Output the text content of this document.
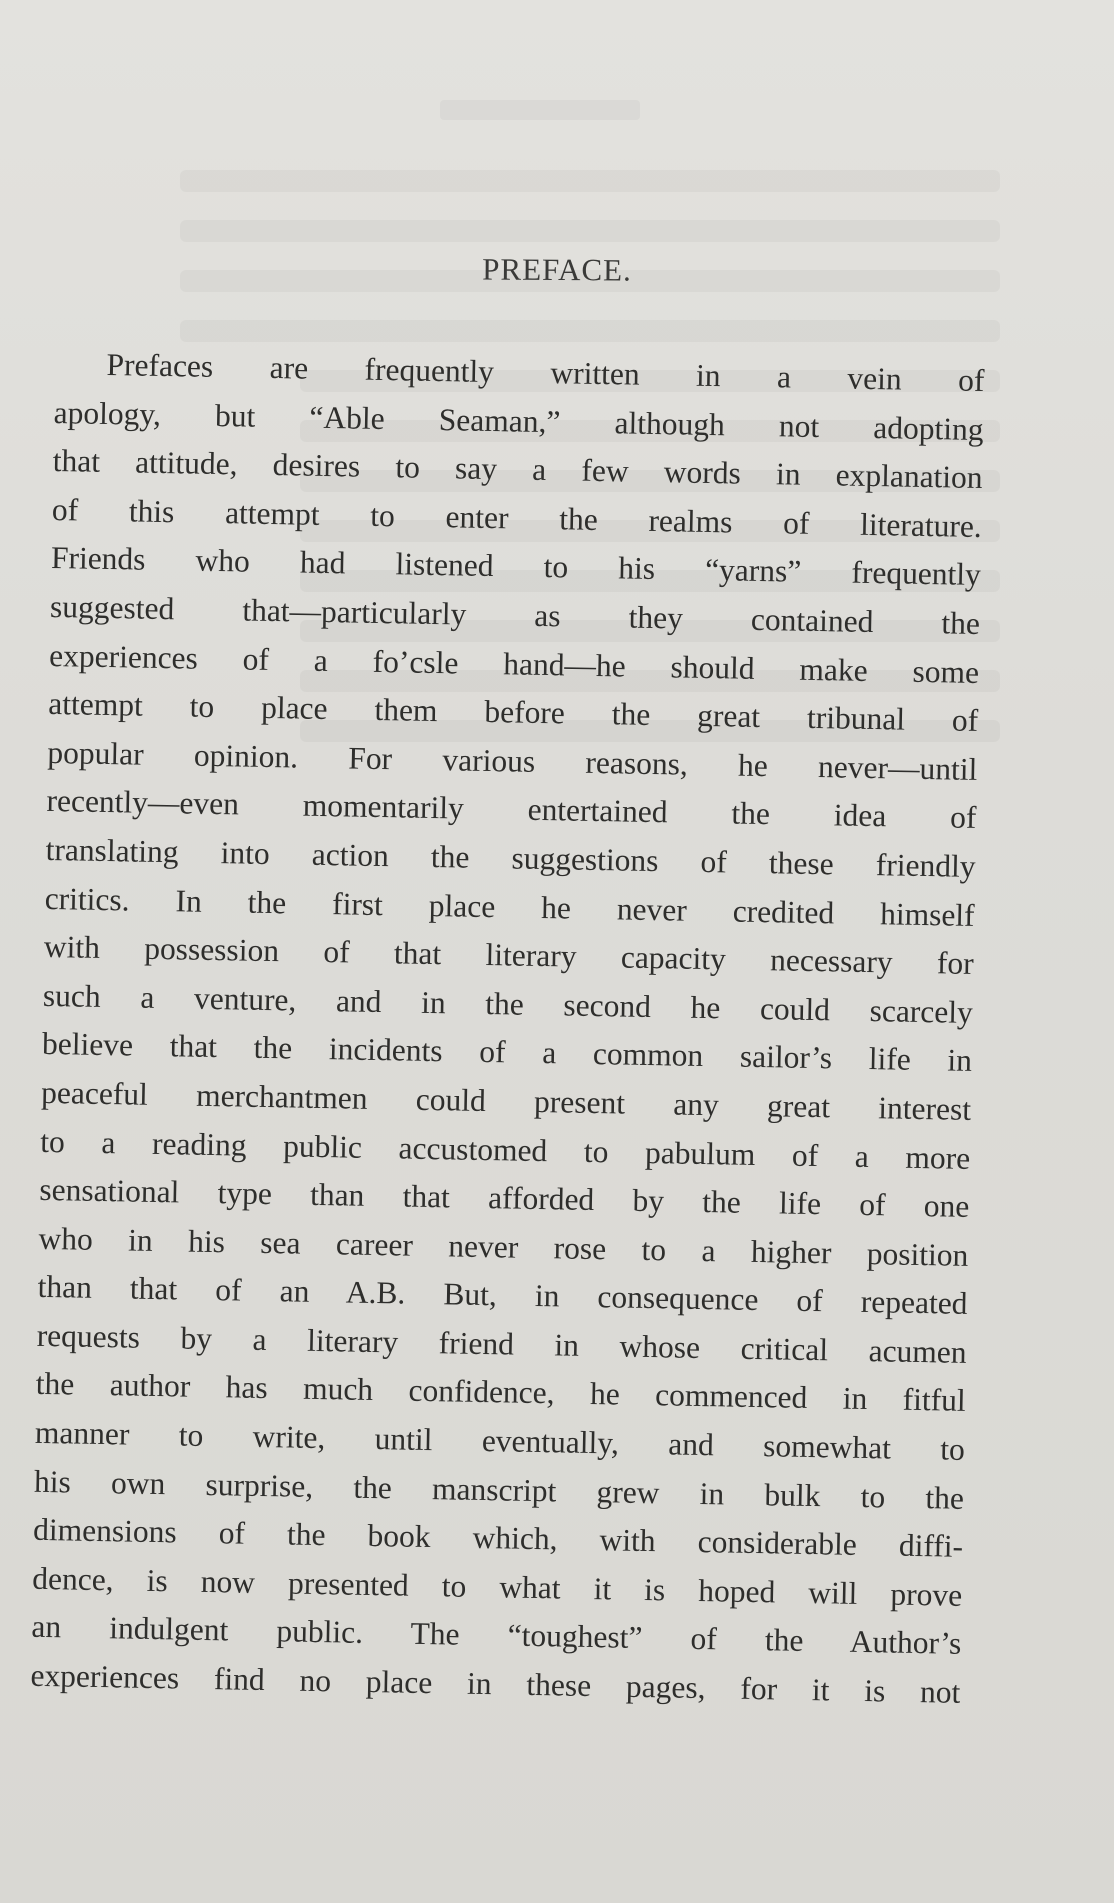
PREFACE.
Prefaces are frequently written in a vein of
apology, but “Able Seaman,” although not adopting
that attitude, desires to say a few words in explanation
of this attempt to enter the realms of literature.
Friends who had listened to his “yarns” frequently
suggested that—particularly as they contained the
experiences of a fo’csle hand—he should make some
attempt to place them before the great tribunal of
popular opinion. For various reasons, he never—until
recently—even momentarily entertained the idea of
translating into action the suggestions of these friendly
critics. In the first place he never credited himself
with possession of that literary capacity necessary for
such a venture, and in the second he could scarcely
believe that the incidents of a common sailor’s life in
peaceful merchantmen could present any great interest
to a reading public accustomed to pabulum of a more
sensational type than that afforded by the life of one
who in his sea career never rose to a higher position
than that of an A.B. But, in consequence of repeated
requests by a literary friend in whose critical acumen
the author has much confidence, he commenced in fitful
manner to write, until eventually, and somewhat to
his own surprise, the manscript grew in bulk to the
dimensions of the book which, with considerable diffi-
dence, is now presented to what it is hoped will prove
an indulgent public. The “toughest” of the Author’s
experiences find no place in these pages, for it is not
